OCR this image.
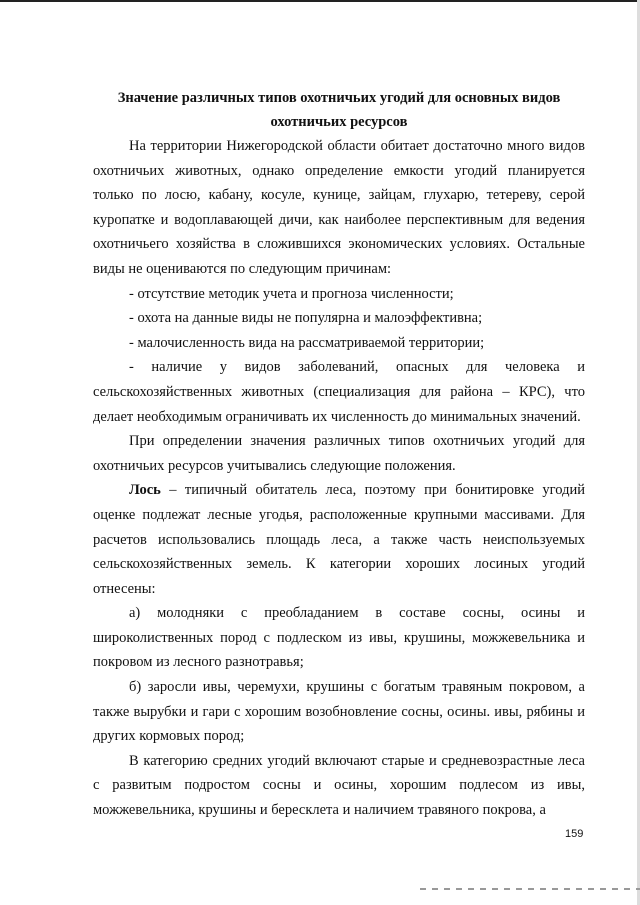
Значение различных типов охотничьих угодий для основных видов

охотничьих ресурсов

На территории Нижегородской области обитает достаточно много видов охотничьих животных, однако определение емкости угодий планируется только по лосю, кабану, косуле, кунице, зайцам, глухарю, тетереву, серой куропатке и водоплавающей дичи, как наиболее перспективным для ведения охотничьего хозяйства в сложившихся экономических условиях. Остальные виды не оцениваются по следующим причинам:

- отсутствие методик учета и прогноза численности;

- охота на данные виды не популярна и малоэффективна;

- малочисленность вида на рассматриваемой территории;

- наличие у видов заболеваний, опасных для человека и сельскохозяйственных животных (специализация для района – КРС), что делает необходимым ограничивать их численность до минимальных значений.

При определении значения различных типов охотничьих угодий для охотничьих ресурсов учитывались следующие положения.

Лось – типичный обитатель леса, поэтому при бонитировке угодий оценке подлежат лесные угодья, расположенные крупными массивами. Для расчетов использовались площадь леса, а также часть неиспользуемых сельскохозяйственных земель. К категории хороших лосиных угодий отнесены:

а) молодняки с преобладанием в составе сосны, осины и широколиственных пород с подлеском из ивы, крушины, можжевельника и покровом из лесного разнотравья;

б) заросли ивы, черемухи, крушины с богатым травяным покровом, а также вырубки и гари с хорошим возобновление сосны, осины. ивы, рябины и других кормовых пород;

В категорию средних угодий включают старые и средневозрастные леса с развитым подростом сосны и осины, хорошим подлесом из ивы, можжевельника, крушины и бересклета и наличием травяного покрова, а

159
